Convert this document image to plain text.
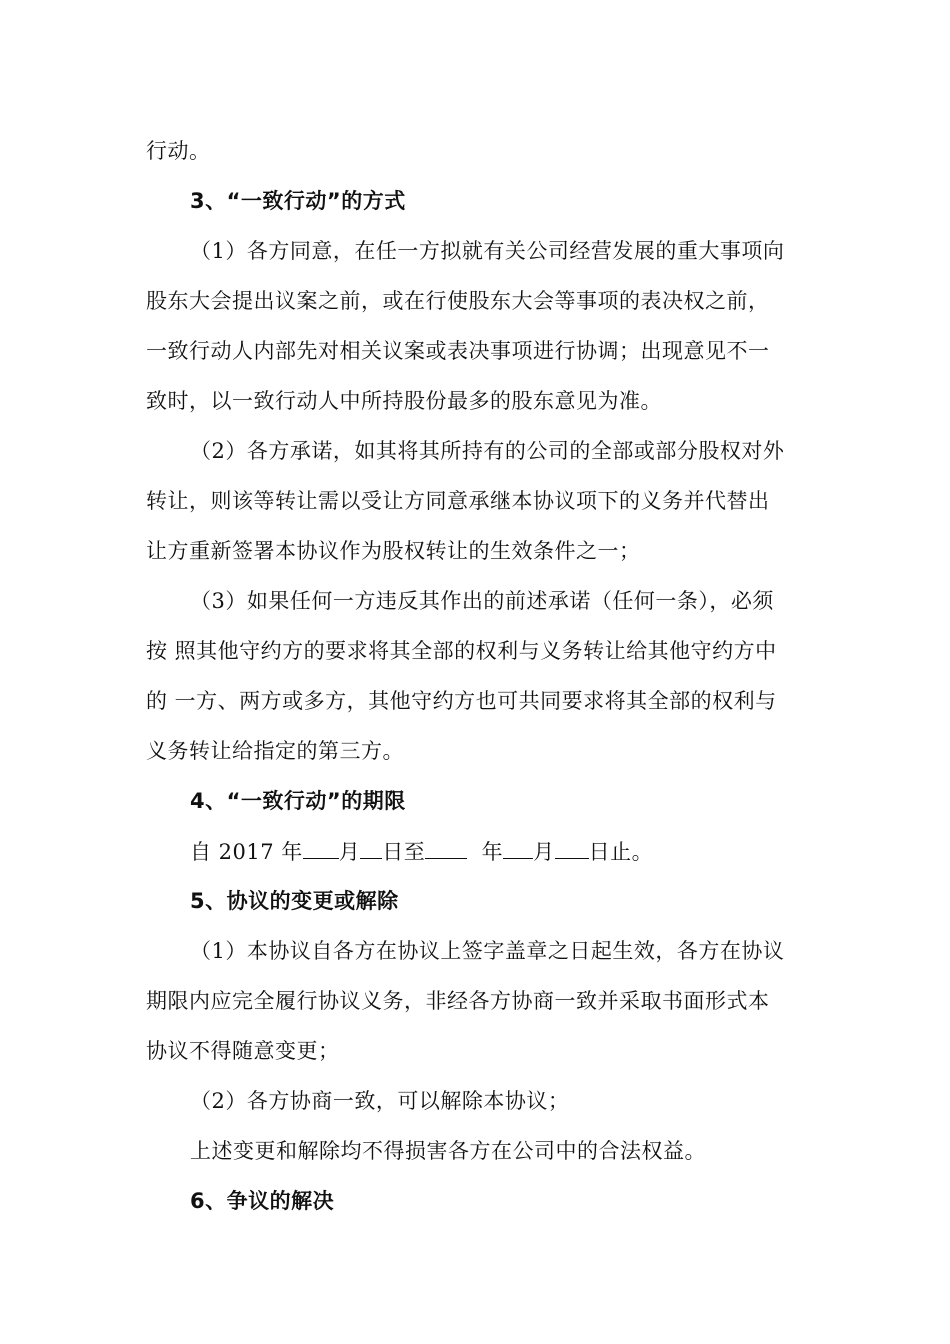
行动。
3、“一致行动”的方式
（1）各方同意，在任一方拟就有关公司经营发展的重大事项向
股东大会提出议案之前，或在行使股东大会等事项的表决权之前，
一致行动人内部先对相关议案或表决事项进行协调；出现意见不一
致时，以一致行动人中所持股份最多的股东意见为准。
（2）各方承诺，如其将其所持有的公司的全部或部分股权对外
转让，则该等转让需以受让方同意承继本协议项下的义务并代替出
让方重新签署本协议作为股权转让的生效条件之一；
（3）如果任何一方违反其作出的前述承诺（任何一条），必须
按 照其他守约方的要求将其全部的权利与义务转让给其他守约方中
的 一方、两方或多方，其他守约方也可共同要求将其全部的权利与
义务转让给指定的第三方。
4、“一致行动”的期限
自 2017 年 月 日至	年 月 日止。
5、协议的变更或解除
（1）本协议自各方在协议上签字盖章之日起生效，各方在协议
期限内应完全履行协议义务，非经各方协商一致并采取书面形式本
协议不得随意变更；
（2）各方协商一致，可以解除本协议；
上述变更和解除均不得损害各方在公司中的合法权益。
6、争议的解决
